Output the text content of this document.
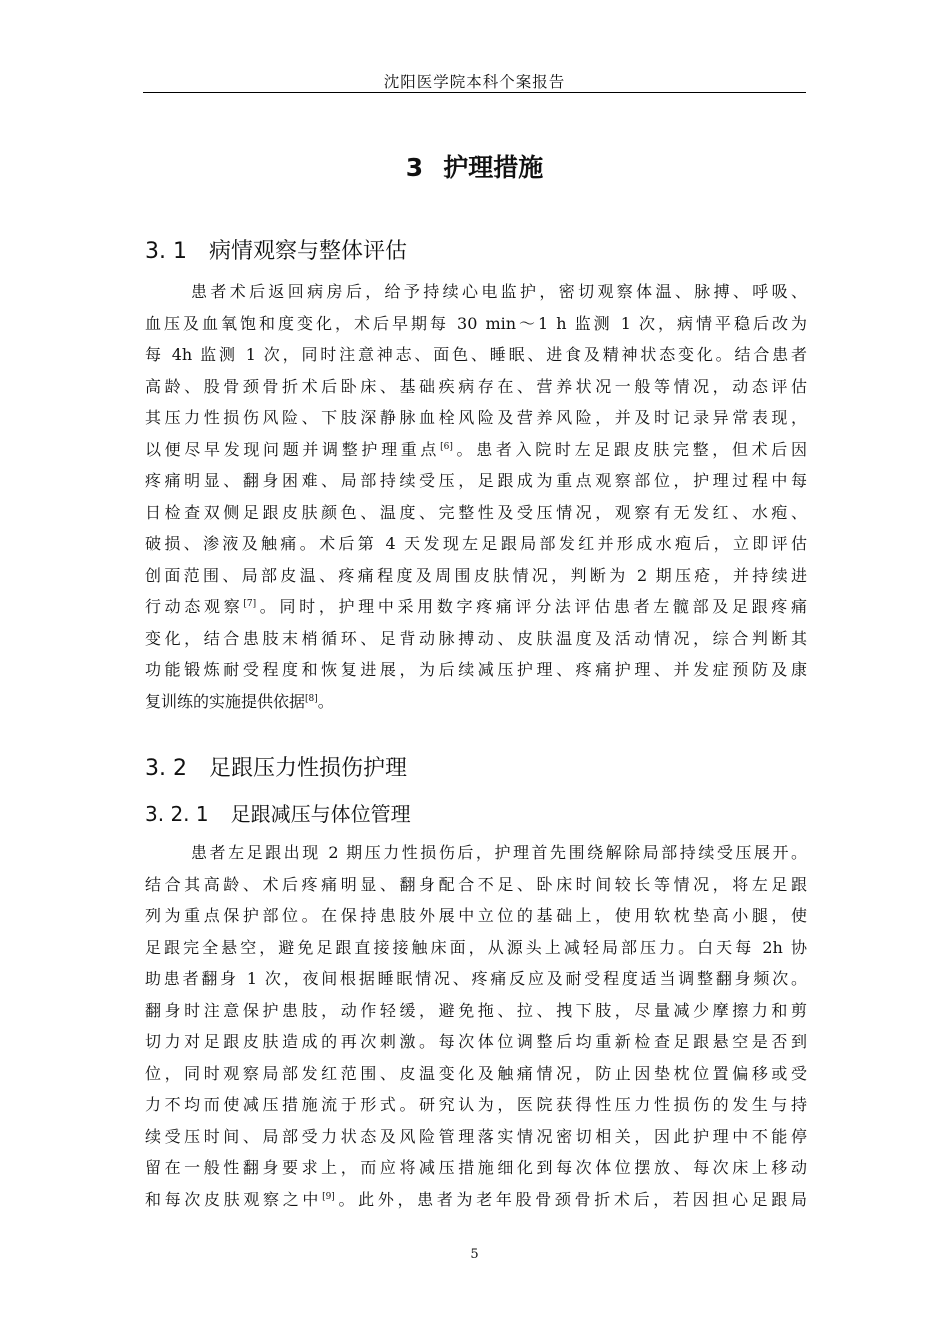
沈阳医学院本科个案报告
3 护理措施
3. 1 病情观察与整体评估
患者术后返回病房后，给予持续心电监护，密切观察体温、脉搏、呼吸、
血压及血氧饱和度变化，术后早期每 30 min～1 h 监测 1 次，病情平稳后改为
每 4h 监测 1 次，同时注意神志、面色、睡眠、进食及精神状态变化。结合患者
高龄、股骨颈骨折术后卧床、基础疾病存在、营养状况一般等情况，动态评估
其压力性损伤风险、下肢深静脉血栓风险及营养风险，并及时记录异常表现，
以便尽早发现问题并调整护理重点[6]。患者入院时左足跟皮肤完整，但术后因
疼痛明显、翻身困难、局部持续受压，足跟成为重点观察部位，护理过程中每
日检查双侧足跟皮肤颜色、温度、完整性及受压情况，观察有无发红、水疱、
破损、渗液及触痛。术后第 4 天发现左足跟局部发红并形成水疱后，立即评估
创面范围、局部皮温、疼痛程度及周围皮肤情况，判断为 2 期压疮，并持续进
行动态观察[7]。同时，护理中采用数字疼痛评分法评估患者左髋部及足跟疼痛
变化，结合患肢末梢循环、足背动脉搏动、皮肤温度及活动情况，综合判断其
功能锻炼耐受程度和恢复进展，为后续减压护理、疼痛护理、并发症预防及康
复训练的实施提供依据[8]。
3. 2 足跟压力性损伤护理
3. 2. 1 足跟减压与体位管理
患者左足跟出现 2 期压力性损伤后，护理首先围绕解除局部持续受压展开。
结合其高龄、术后疼痛明显、翻身配合不足、卧床时间较长等情况，将左足跟
列为重点保护部位。在保持患肢外展中立位的基础上，使用软枕垫高小腿，使
足跟完全悬空，避免足跟直接接触床面，从源头上减轻局部压力。白天每 2h 协
助患者翻身 1 次，夜间根据睡眠情况、疼痛反应及耐受程度适当调整翻身频次。
翻身时注意保护患肢，动作轻缓，避免拖、拉、拽下肢，尽量减少摩擦力和剪
切力对足跟皮肤造成的再次刺激。每次体位调整后均重新检查足跟悬空是否到
位，同时观察局部发红范围、皮温变化及触痛情况，防止因垫枕位置偏移或受
力不均而使减压措施流于形式。研究认为，医院获得性压力性损伤的发生与持
续受压时间、局部受力状态及风险管理落实情况密切相关，因此护理中不能停
留在一般性翻身要求上，而应将减压措施细化到每次体位摆放、每次床上移动
和每次皮肤观察之中[9]。此外，患者为老年股骨颈骨折术后，若因担心足跟局
5
